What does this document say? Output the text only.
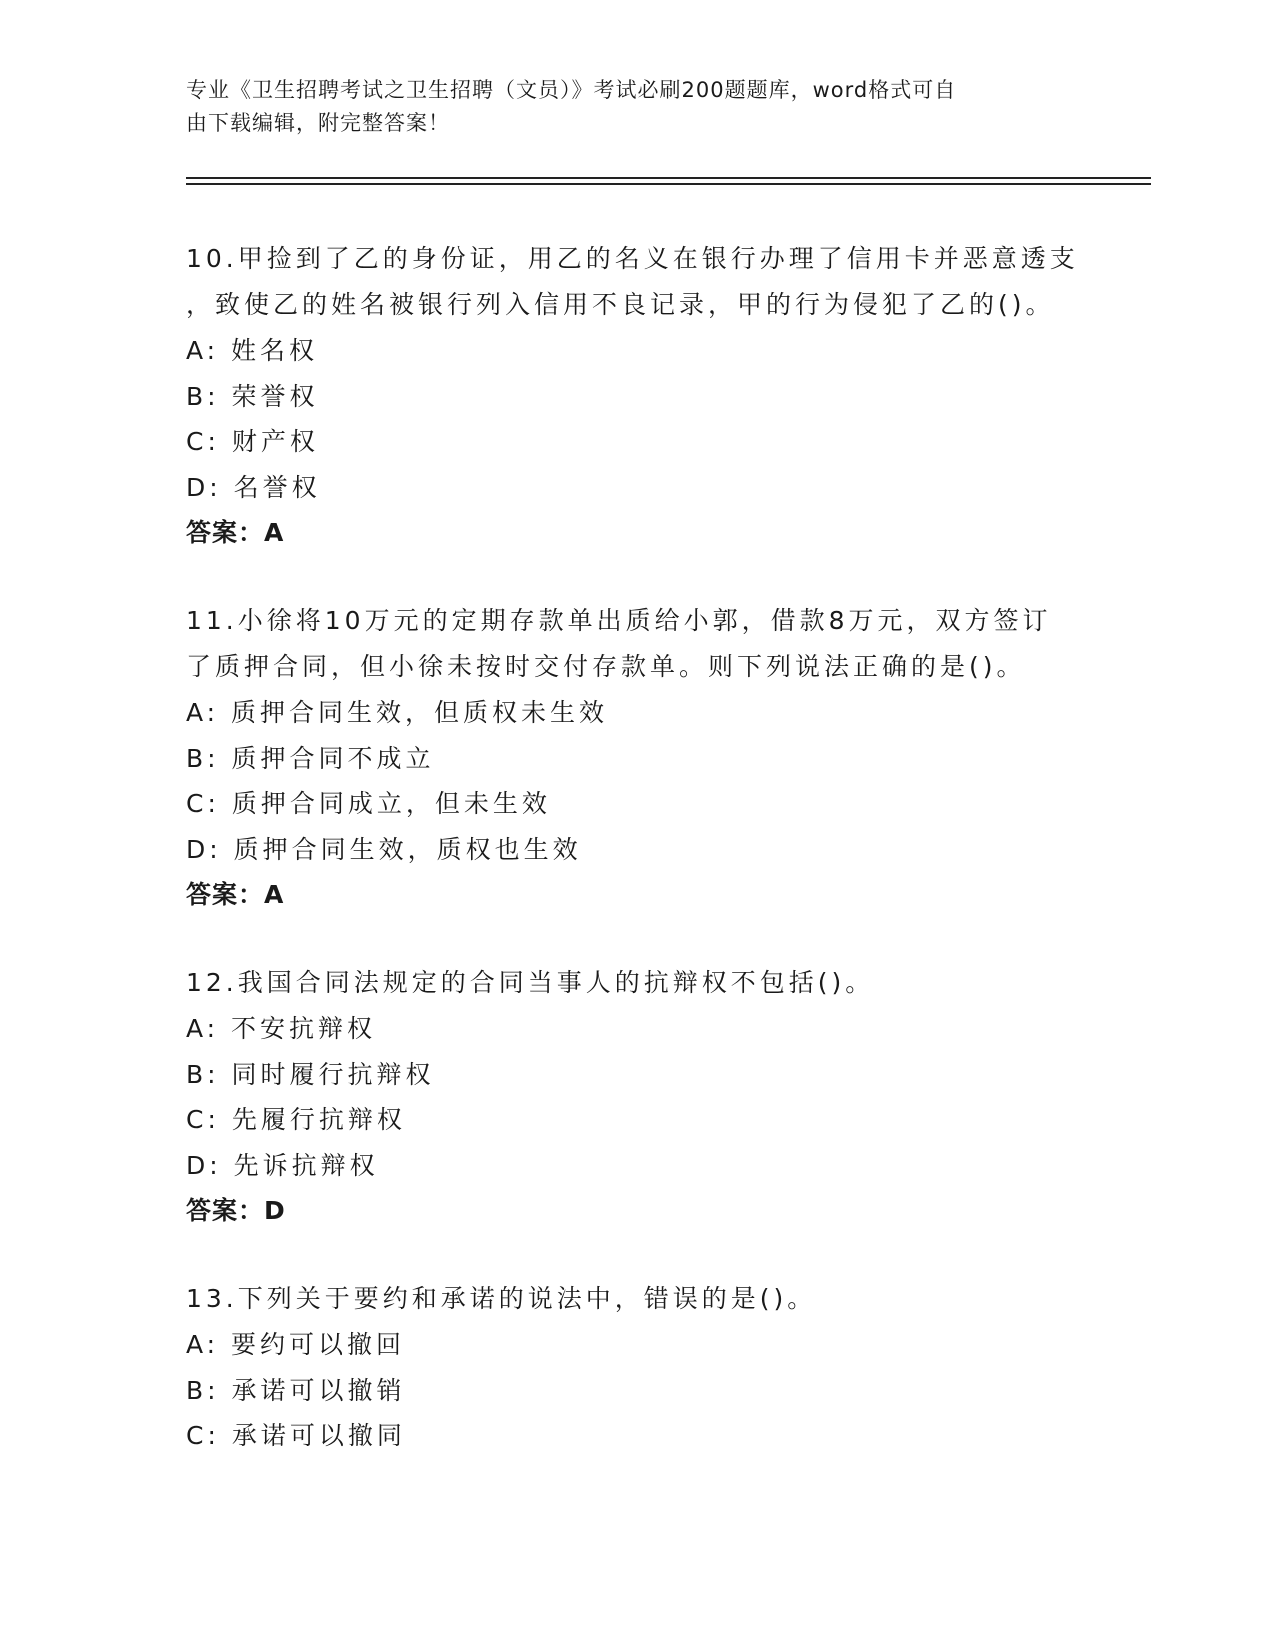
专业《卫生招聘考试之卫生招聘（文员）》考试必刷200题题库，word格式可自
由下载编辑，附完整答案！
10.甲捡到了乙的身份证，用乙的名义在银行办理了信用卡并恶意透支
，致使乙的姓名被银行列入信用不良记录，甲的行为侵犯了乙的()。
A: 姓名权
B: 荣誉权
C: 财产权
D: 名誉权
答案：A
11.小徐将10万元的定期存款单出质给小郭，借款8万元，双方签订
了质押合同，但小徐未按时交付存款单。则下列说法正确的是()。
A: 质押合同生效，但质权未生效
B: 质押合同不成立
C: 质押合同成立，但未生效
D: 质押合同生效，质权也生效
答案：A
12.我国合同法规定的合同当事人的抗辩权不包括()。
A: 不安抗辩权
B: 同时履行抗辩权
C: 先履行抗辩权
D: 先诉抗辩权
答案：D
13.下列关于要约和承诺的说法中，错误的是()。
A: 要约可以撤回
B: 承诺可以撤销
C: 承诺可以撤同
